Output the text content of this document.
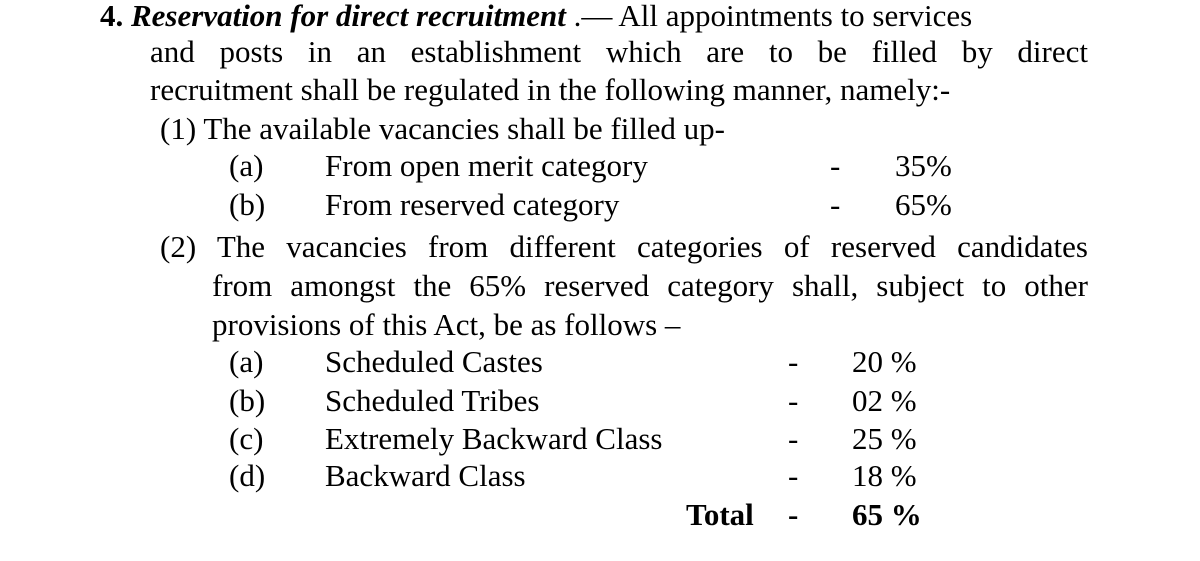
4. Reservation for direct recruitment .— All appointments to services
and posts in an establishment which are to be filled by direct
recruitment shall be regulated in the following manner, namely:-
(1) The available vacancies shall be filled up-
(a) From open merit category	- 35%
(b) From reserved category	- 65%
(2) The vacancies from different categories of reserved candidates
from amongst the 65% reserved category shall, subject to other
provisions of this Act, be as follows –
(a) Scheduled Castes	- 20 %
(b) Scheduled Tribes	- 02 %
(c) Extremely Backward Class	- 25 %
(d) Backward Class	- 18 %
Total - 65 %
